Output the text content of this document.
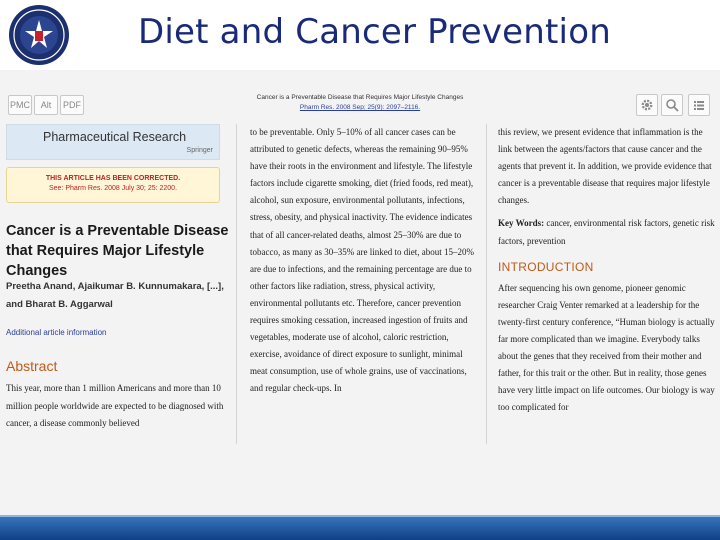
Diet and Cancer Prevention
PMC	Alt	PDF
Cancer is a Preventable Disease that Requires Major Lifestyle Changes
Pharm Res. 2008 Sep; 25(9): 2097–2116.
Pharmaceutical Research
Springer
THIS ARTICLE HAS BEEN CORRECTED.
See: Pharm Res. 2008 July 30; 25: 2200.
Cancer is a Preventable Disease that Requires Major Lifestyle Changes
Preetha Anand, Ajaikumar B. Kunnumakara, [...], and Bharat B. Aggarwal
Additional article information
Abstract
This year, more than 1 million Americans and more than 10 million people worldwide are expected to be diagnosed with cancer, a disease commonly believed
to be preventable. Only 5–10% of all cancer cases can be attributed to genetic defects, whereas the remaining 90–95% have their roots in the environment and lifestyle. The lifestyle factors include cigarette smoking, diet (fried foods, red meat), alcohol, sun exposure, environmental pollutants, infections, stress, obesity, and physical inactivity. The evidence indicates that of all cancer-related deaths, almost 25–30% are due to tobacco, as many as 30–35% are linked to diet, about 15–20% are due to infections, and the remaining percentage are due to other factors like radiation, stress, physical activity, environmental pollutants etc. Therefore, cancer prevention requires smoking cessation, increased ingestion of fruits and vegetables, moderate use of alcohol, caloric restriction, exercise, avoidance of direct exposure to sunlight, minimal meat consumption, use of whole grains, use of vaccinations, and regular check-ups. In
this review, we present evidence that inflammation is the link between the agents/factors that cause cancer and the agents that prevent it. In addition, we provide evidence that cancer is a preventable disease that requires major lifestyle changes.
Key Words: cancer, environmental risk factors, genetic risk factors, prevention
INTRODUCTION
After sequencing his own genome, pioneer genomic researcher Craig Venter remarked at a leadership for the twenty-first century conference, “Human biology is actually far more complicated than we imagine. Everybody talks about the genes that they received from their mother and father, for this trait or the other. But in reality, those genes have very little impact on life outcomes. Our biology is way too complicated for
